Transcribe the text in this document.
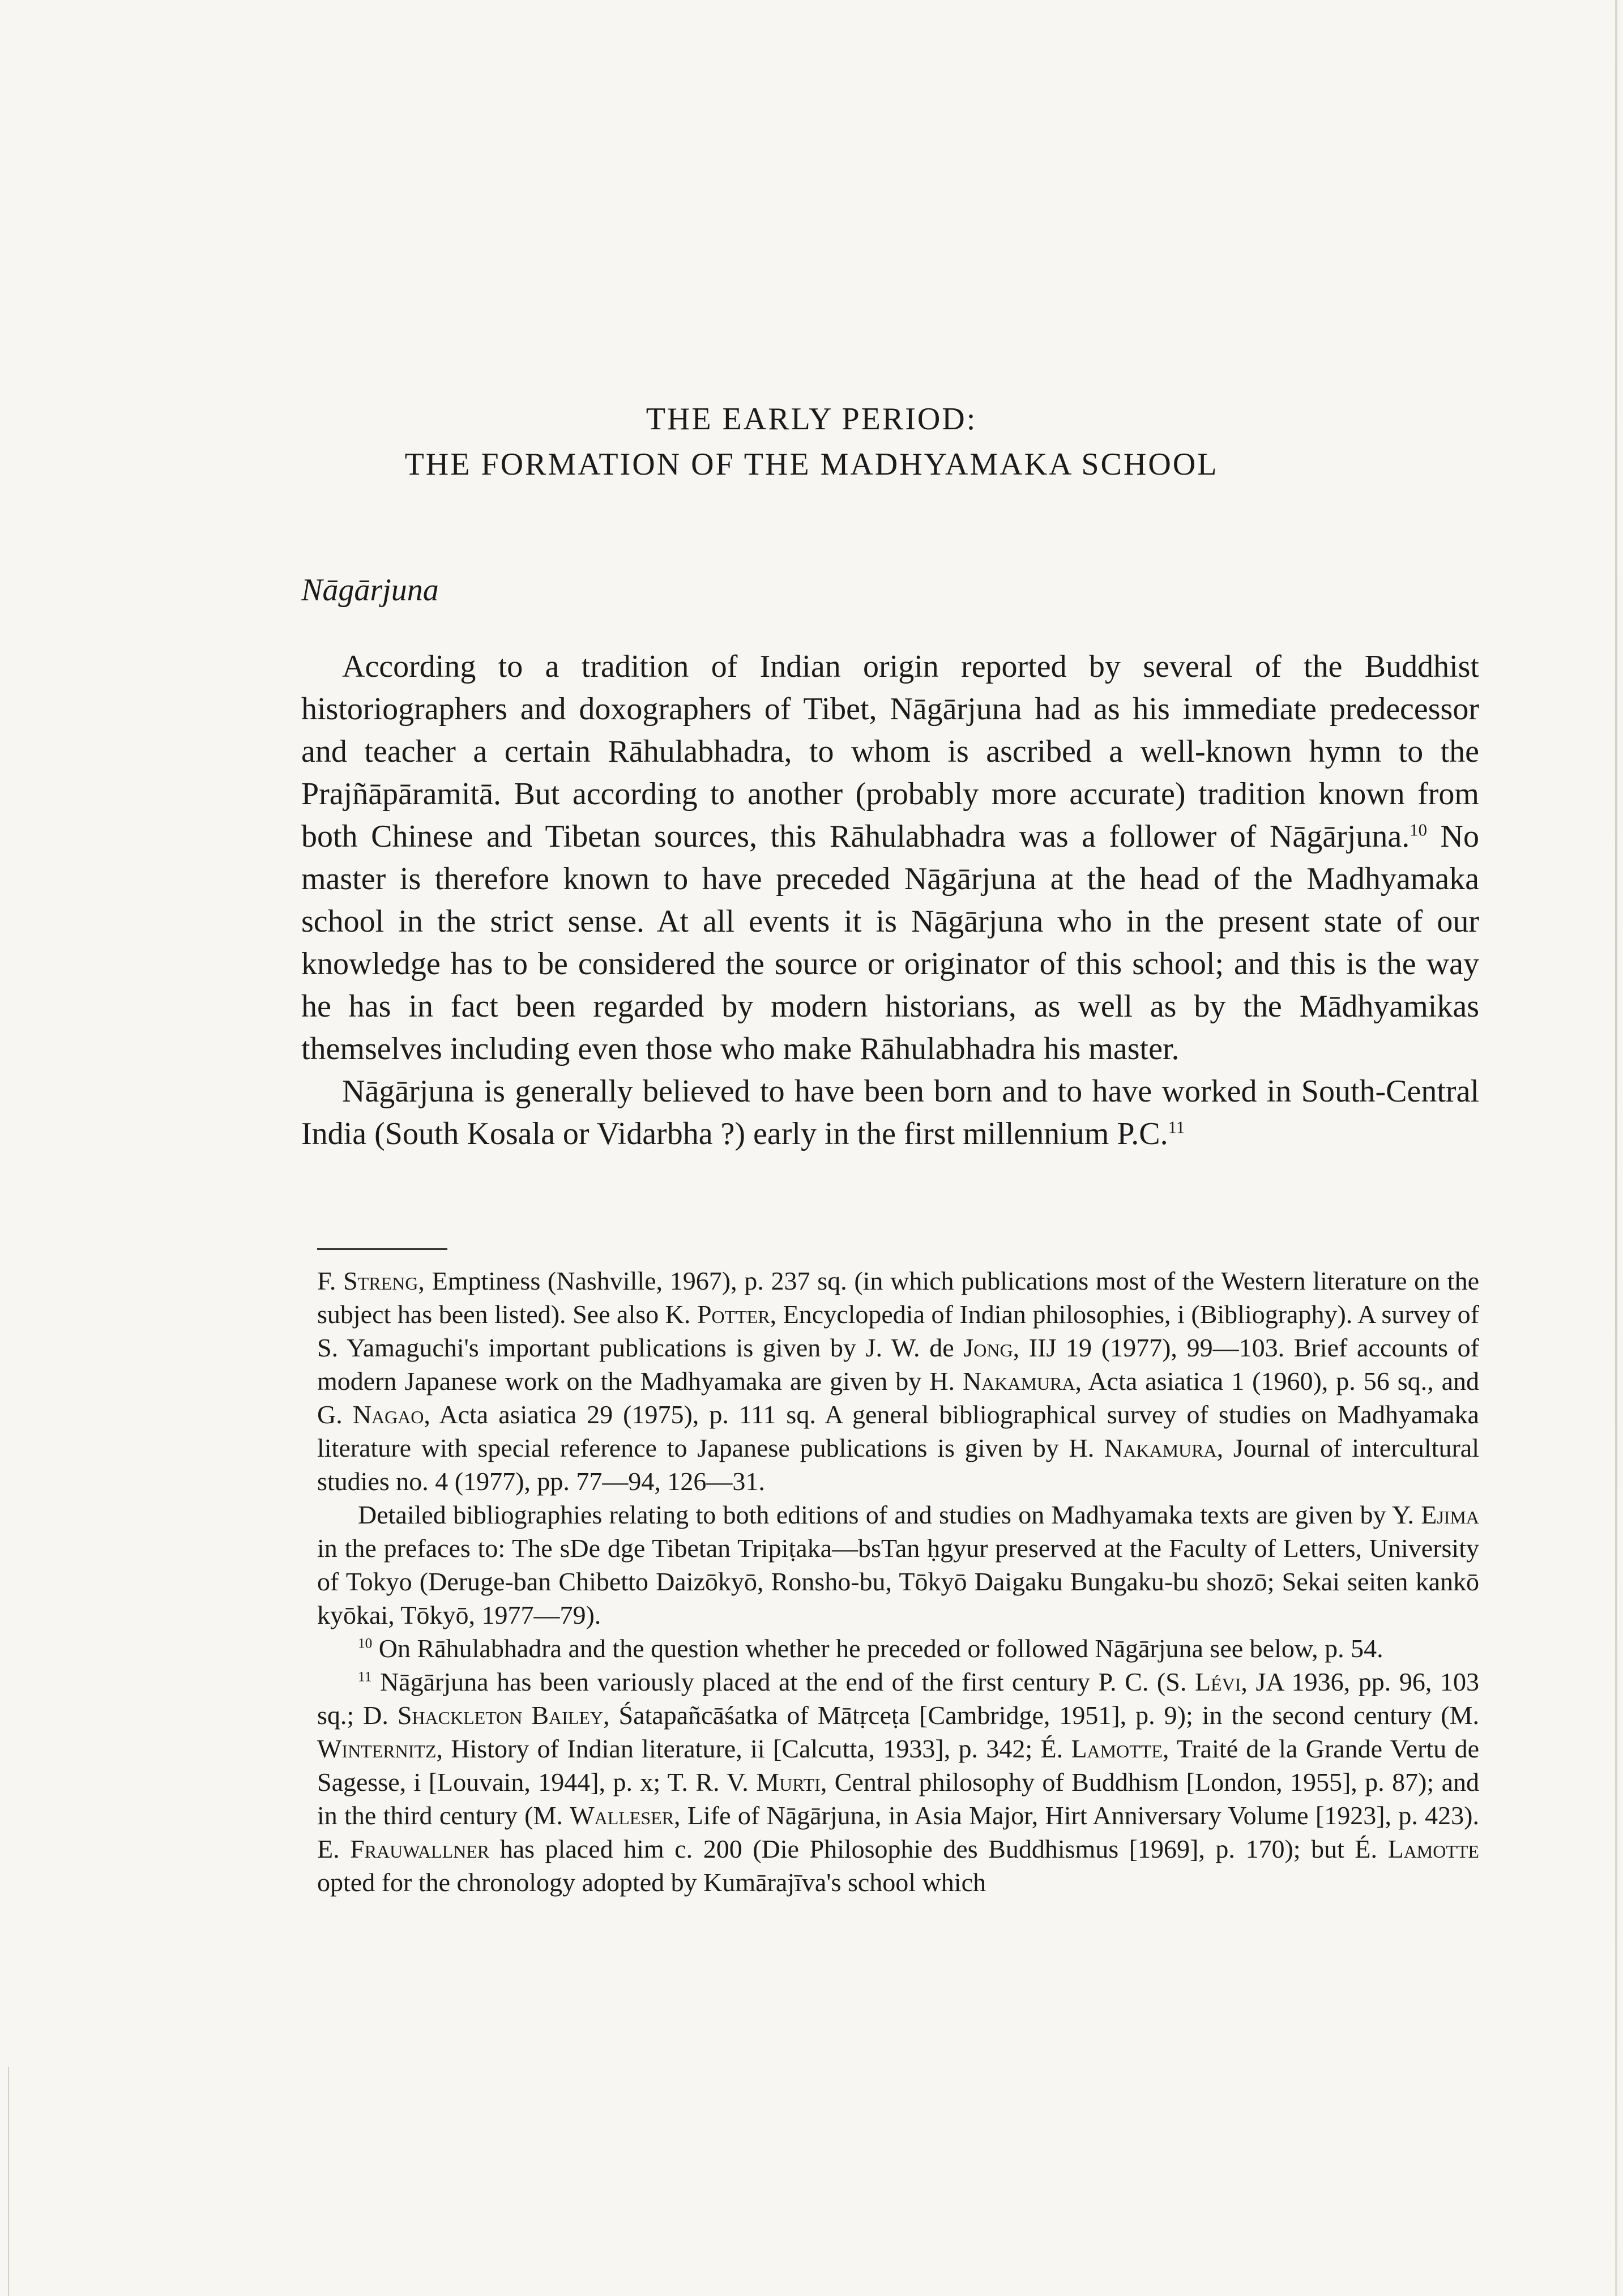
THE EARLY PERIOD:
THE FORMATION OF THE MADHYAMAKA SCHOOL
Nāgārjuna

According to a tradition of Indian origin reported by several of the Buddhist historiographers and doxographers of Tibet, Nāgārjuna had as his immediate predecessor and teacher a certain Rāhulabhadra, to whom is ascribed a well-known hymn to the Prajñāpāramitā. But according to another (probably more accurate) tradition known from both Chinese and Tibetan sources, this Rāhulabhadra was a follower of Nāgārjuna.$^{10}$ No master is therefore known to have preceded Nāgārjuna at the head of the Madhyamaka school in the strict sense. At all events it is Nāgārjuna who in the present state of our knowledge has to be considered the source or originator of this school; and this is the way he has in fact been regarded by modern historians, as well as by the Mādhyamikas themselves including even those who make Rāhulabhadra his master.

Nāgārjuna is generally believed to have been born and to have worked in South-Central India (South Kosala or Vidarbha ?) early in the first millennium P.C.$^{11}$

F. Streng, Emptiness (Nashville, 1967), p. 237 sq. (in which publications most of the Western literature on the subject has been listed). See also K. Potter, Encyclopedia of Indian philosophies, i (Bibliography). A survey of S. Yamaguchi's important publications is given by J. W. de Jong, IIJ 19 (1977), 99—103. Brief accounts of modern Japanese work on the Madhyamaka are given by H. Nakamura, Acta asiatica 1 (1960), p. 56 sq., and G. Nagao, Acta asiatica 29 (1975), p. 111 sq. A general bibliographical survey of studies on Madhyamaka literature with special reference to Japanese publications is given by H. Nakamura, Journal of intercultural studies no. 4 (1977), pp. 77—94, 126—31.

Detailed bibliographies relating to both editions of and studies on Madhyamaka texts are given by Y. Ejima in the prefaces to: The sDe dge Tibetan Tripiṭaka—bsTan ḥgyur preserved at the Faculty of Letters, University of Tokyo (Deruge-ban Chibetto Daizōkyō, Ronsho-bu, Tōkyō Daigaku Bungaku-bu shozō; Sekai seiten kankō kyōkai, Tōkyō, 1977—79).

$^{10}$ On Rāhulabhadra and the question whether he preceded or followed Nāgārjuna see below, p. 54.

$^{11}$ Nāgārjuna has been variously placed at the end of the first century P. C. (S. Lévi, JA 1936, pp. 96, 103 sq.; D. Shackleton Bailey, Śatapañcāśatka of Mātṛceṭa [Cambridge, 1951], p. 9); in the second century (M. Winternitz, History of Indian literature, ii [Calcutta, 1933], p. 342; É. Lamotte, Traité de la Grande Vertu de Sagesse, i [Louvain, 1944], p. x; T. R. V. Murti, Central philosophy of Buddhism [London, 1955], p. 87); and in the third century (M. Walleser, Life of Nāgārjuna, in Asia Major, Hirt Anniversary Volume [1923], p. 423). E. Frauwallner has placed him c. 200 (Die Philosophie des Buddhismus [1969], p. 170); but É. Lamotte opted for the chronology adopted by Kumārajīva's school which
